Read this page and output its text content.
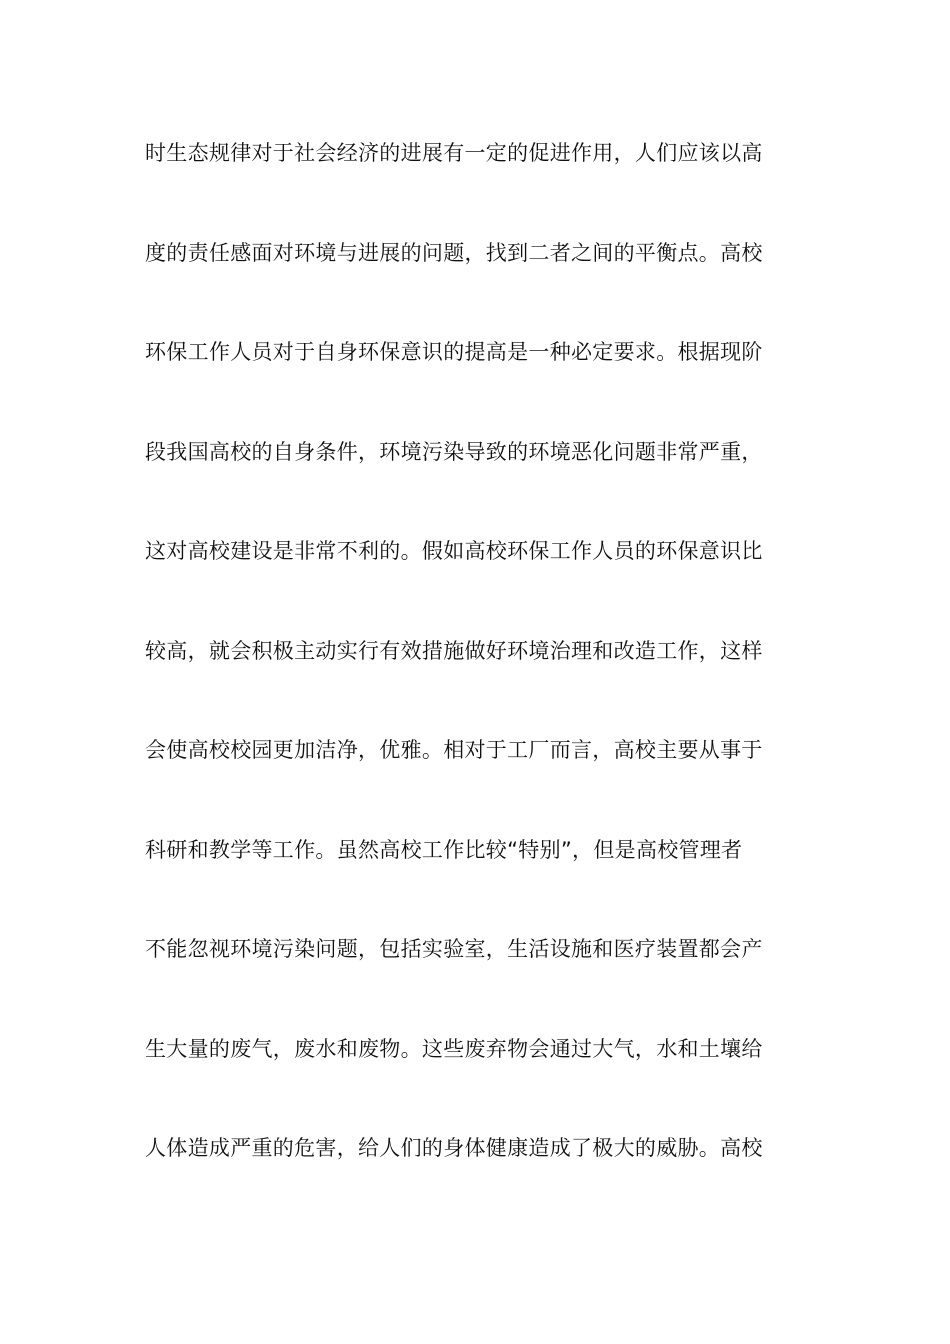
时生态规律对于社会经济的进展有一定的促进作用，人们应该以高
度的责任感面对环境与进展的问题，找到二者之间的平衡点。高校
环保工作人员对于自身环保意识的提高是一种必定要求。根据现阶
段我国高校的自身条件，环境污染导致的环境恶化问题非常严重，
这对高校建设是非常不利的。假如高校环保工作人员的环保意识比
较高，就会积极主动实行有效措施做好环境治理和改造工作，这样
会使高校校园更加洁净，优雅。相对于工厂而言，高校主要从事于
科研和教学等工作。虽然高校工作比较“特别”，但是高校管理者
不能忽视环境污染问题，包括实验室，生活设施和医疗装置都会产
生大量的废气，废水和废物。这些废弃物会通过大气，水和土壤给
人体造成严重的危害，给人们的身体健康造成了极大的威胁。高校
